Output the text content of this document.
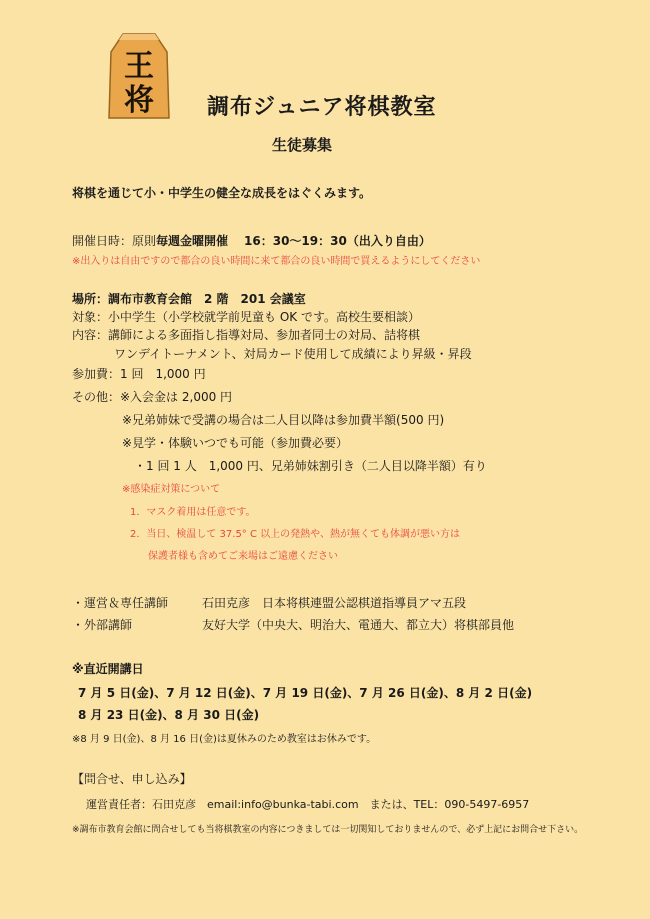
王
将 調布ジュニア将棋教室
生徒募集
将棋を通じて小・中学生の健全な成長をはぐくみます。
開催日時：原則毎週金曜開催 16：30～19：30（出入り自由）
※出入りは自由ですので都合の良い時間に来て都合の良い時間で買えるようにしてください
場所：調布市教育会館　2 階　201 会議室
対象：小中学生（小学校就学前児童も OK です。高校生要相談）
内容：講師による多面指し指導対局、参加者同士の対局、詰将棋
ワンデイトーナメント、対局カード使用して成績により昇級・昇段
参加費：1 回　1,000 円
その他：※入会金は 2,000 円
※兄弟姉妹で受講の場合は二人目以降は参加費半額(500 円)
※見学・体験いつでも可能（参加費必要）
・1 回 1 人　1,000 円、兄弟姉妹割引き（二人目以降半額）有り
※感染症対策について
1．マスク着用は任意です。
2．当日、検温して 37.5° C 以上の発熱や、熱が無くても体調が悪い方は
保護者様も含めてご来場はご遠慮ください
・運営＆専任講師	石田克彦　日本将棋連盟公認棋道指導員アマ五段
・外部講師	友好大学（中央大、明治大、電通大、都立大）将棋部員他
※直近開講日
7 月 5 日(金)、7 月 12 日(金)、7 月 19 日(金)、7 月 26 日(金)、8 月 2 日(金)
8 月 23 日(金)、8 月 30 日(金)
※8 月 9 日(金)、8 月 16 日(金)は夏休みのため教室はお休みです。
【問合せ、申し込み】
運営責任者：石田克彦　email:info@bunka-tabi.com　または、TEL：090-5497-6957
※調布市教育会館に問合せしても当将棋教室の内容につきましては一切関知しておりませんので、必ず上記にお問合せ下さい。
